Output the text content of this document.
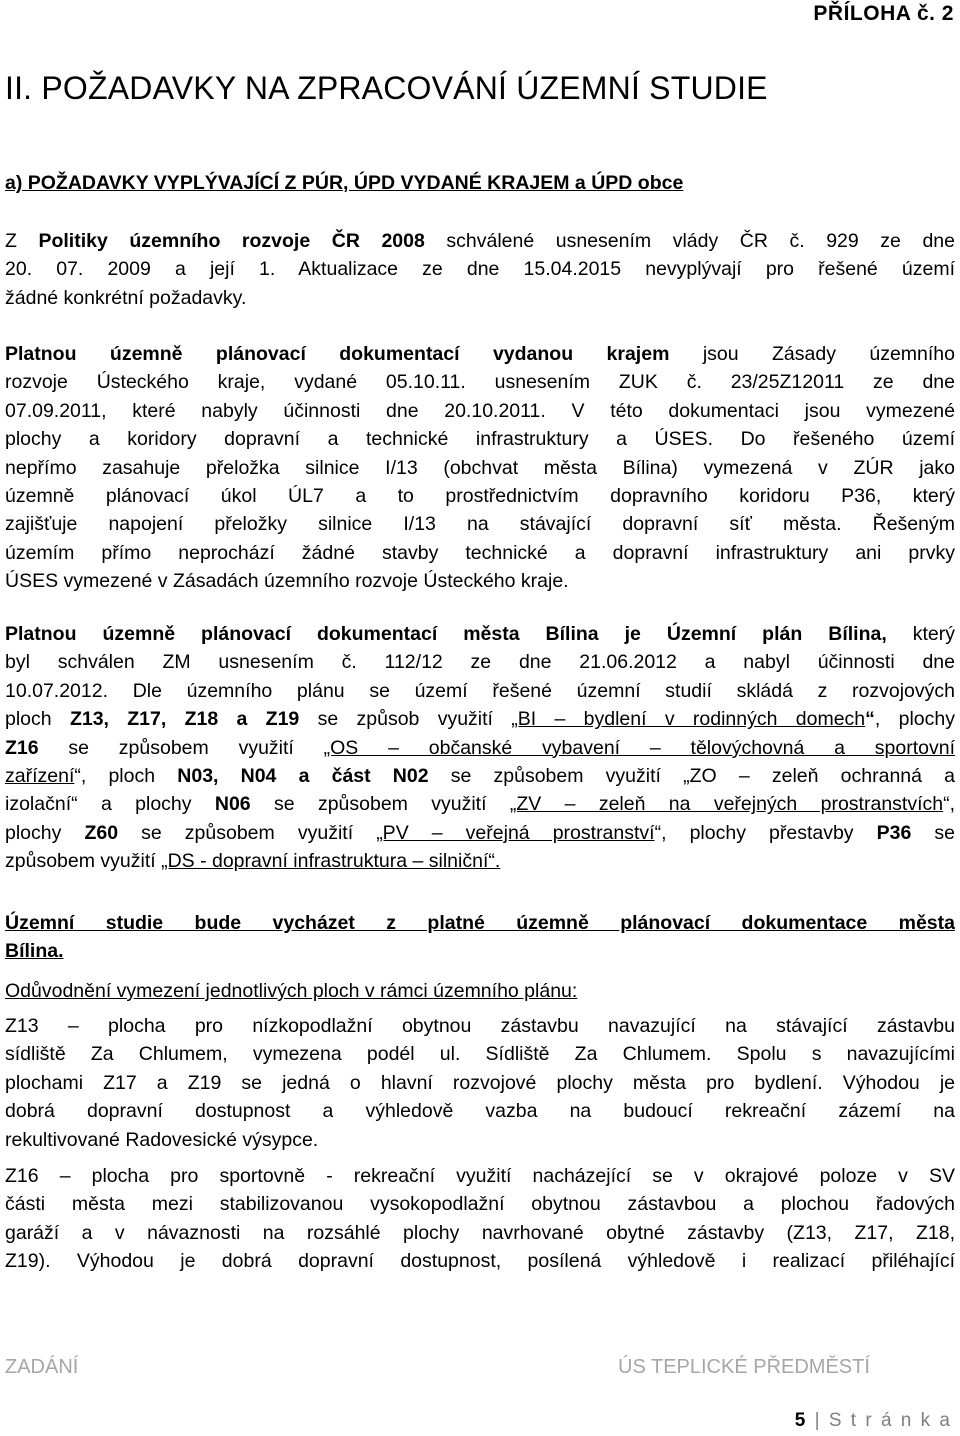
PŘÍLOHA č. 2
II. POŽADAVKY NA ZPRACOVÁNÍ ÚZEMNÍ STUDIE
a) POŽADAVKY VYPLÝVAJÍCÍ Z PÚR, ÚPD VYDANÉ KRAJEM a ÚPD obce
Z Politiky územního rozvoje ČR 2008 schválené usnesením vlády ČR č. 929 ze dne
20. 07. 2009 a její 1. Aktualizace ze dne 15.04.2015 nevyplývají pro řešené území
žádné konkrétní požadavky.
Platnou územně plánovací dokumentací vydanou krajem jsou Zásady územního
rozvoje Ústeckého kraje, vydané 05.10.11. usnesením ZUK č. 23/25Z12011 ze dne
07.09.2011, které nabyly účinnosti dne 20.10.2011. V této dokumentaci jsou vymezené
plochy a koridory dopravní a technické infrastruktury a ÚSES. Do řešeného území
nepřímo zasahuje přeložka silnice I/13 (obchvat města Bílina) vymezená v ZÚR jako
územně plánovací úkol ÚL7 a to prostřednictvím dopravního koridoru P36, který
zajišťuje napojení přeložky silnice I/13 na stávající dopravní síť města. Řešeným
územím přímo neprochází žádné stavby technické a dopravní infrastruktury ani prvky
ÚSES vymezené v Zásadách územního rozvoje Ústeckého kraje.
Platnou územně plánovací dokumentací města Bílina je Územní plán Bílina, který
byl schválen ZM usnesením č. 112/12 ze dne 21.06.2012 a nabyl účinnosti dne
10.07.2012. Dle územního plánu se území řešené územní studií skládá z rozvojových
ploch Z13, Z17, Z18 a Z19 se způsob využití „BI – bydlení v rodinných domech“, plochy
Z16 se způsobem využití „OS – občanské vybavení – tělovýchovná a sportovní
zařízení“, ploch N03, N04 a část N02 se způsobem využití „ZO – zeleň ochranná a
izolační“ a plochy N06 se způsobem využití „ZV – zeleň na veřejných prostranstvích“,
plochy Z60 se způsobem využití „PV – veřejná prostranství“, plochy přestavby P36 se
způsobem využití „DS - dopravní infrastruktura – silniční“.
Územní studie bude vycházet z platné územně plánovací dokumentace města
Bílina.
Odůvodnění vymezení jednotlivých ploch v rámci územního plánu:
Z13 – plocha pro nízkopodlažní obytnou zástavbu navazující na stávající zástavbu
sídliště Za Chlumem, vymezena podél ul. Sídliště Za Chlumem. Spolu s navazujícími
plochami Z17 a Z19 se jedná o hlavní rozvojové plochy města pro bydlení. Výhodou je
dobrá dopravní dostupnost a výhledově vazba na budoucí rekreační zázemí na
rekultivované Radovesické výsypce.
Z16 – plocha pro sportovně - rekreační využití nacházející se v okrajové poloze v SV
části města mezi stabilizovanou vysokopodlažní obytnou zástavbou a plochou řadových
garáží a v návaznosti na rozsáhlé plochy navrhované obytné zástavby (Z13, Z17, Z18,
Z19). Výhodou je dobrá dopravní dostupnost, posílená výhledově i realizací přiléhající
ZADÁNÍ	ÚS TEPLICKÉ PŘEDMĚSTÍ
5 | S t r á n k a
